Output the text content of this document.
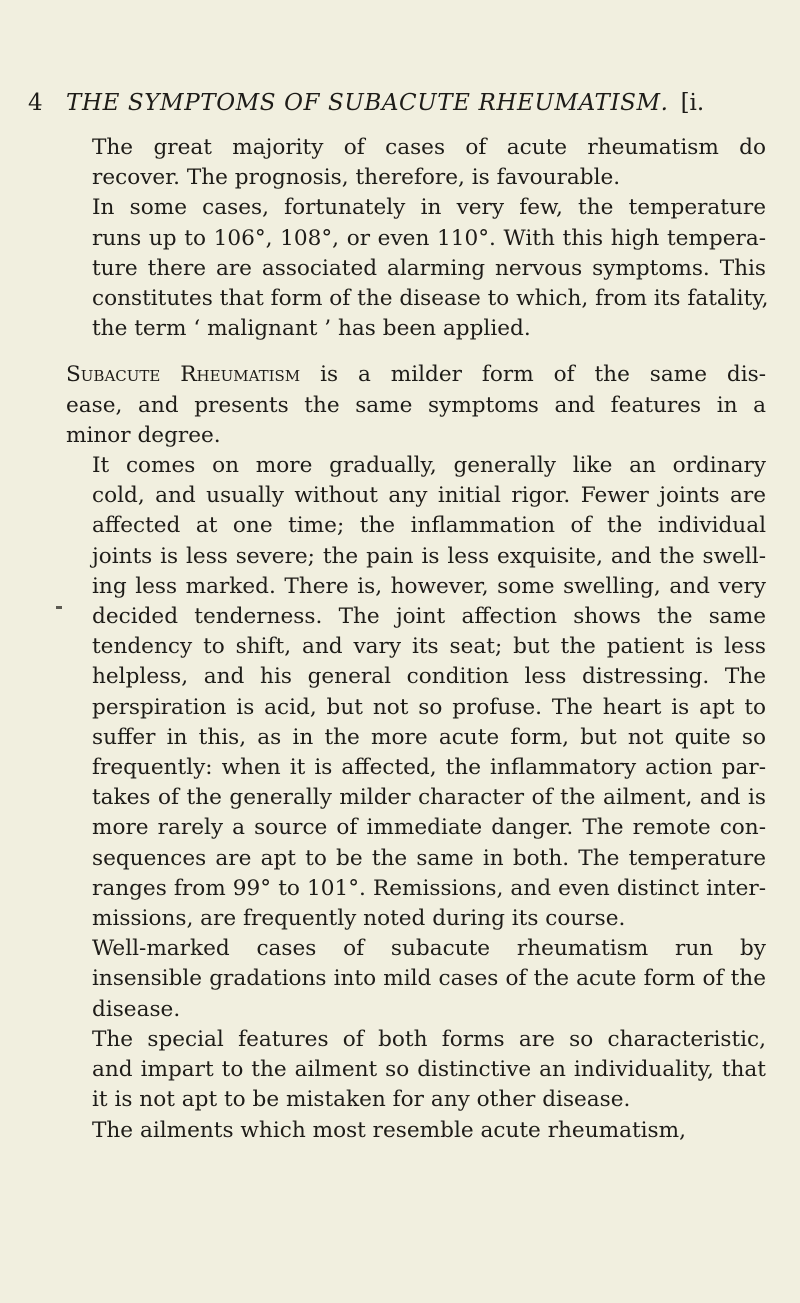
4 THE SYMPTOMS OF SUBACUTE RHEUMATISM. [i.

The great majority of cases of acute rheumatism do
recover. The prognosis, therefore, is favourable.

In some cases, fortunately in very few, the temperature
runs up to 106°, 108°, or even 110°. With this high tempera-
ture there are associated alarming nervous symptoms. This
constitutes that form of the disease to which, from its fatality,
the term ‘ malignant ’ has been applied.

Subacute Rheumatism is a milder form of the same dis-
ease, and presents the same symptoms and features in a
minor degree.

It comes on more gradually, generally like an ordinary
cold, and usually without any initial rigor. Fewer joints are
affected at one time; the inflammation of the individual
joints is less severe; the pain is less exquisite, and the swell-
ing less marked. There is, however, some swelling, and very
decided tenderness. The joint affection shows the same
tendency to shift, and vary its seat; but the patient is less
helpless, and his general condition less distressing. The
perspiration is acid, but not so profuse. The heart is apt to
suffer in this, as in the more acute form, but not quite so
frequently: when it is affected, the inflammatory action par-
takes of the generally milder character of the ailment, and is
more rarely a source of immediate danger. The remote con-
sequences are apt to be the same in both. The temperature
ranges from 99° to 101°. Remissions, and even distinct inter-
missions, are frequently noted during its course.

Well-marked cases of subacute rheumatism run by
insensible gradations into mild cases of the acute form of the
disease.

The special features of both forms are so characteristic,
and impart to the ailment so distinctive an individuality, that
it is not apt to be mistaken for any other disease.

The ailments which most resemble acute rheumatism,
